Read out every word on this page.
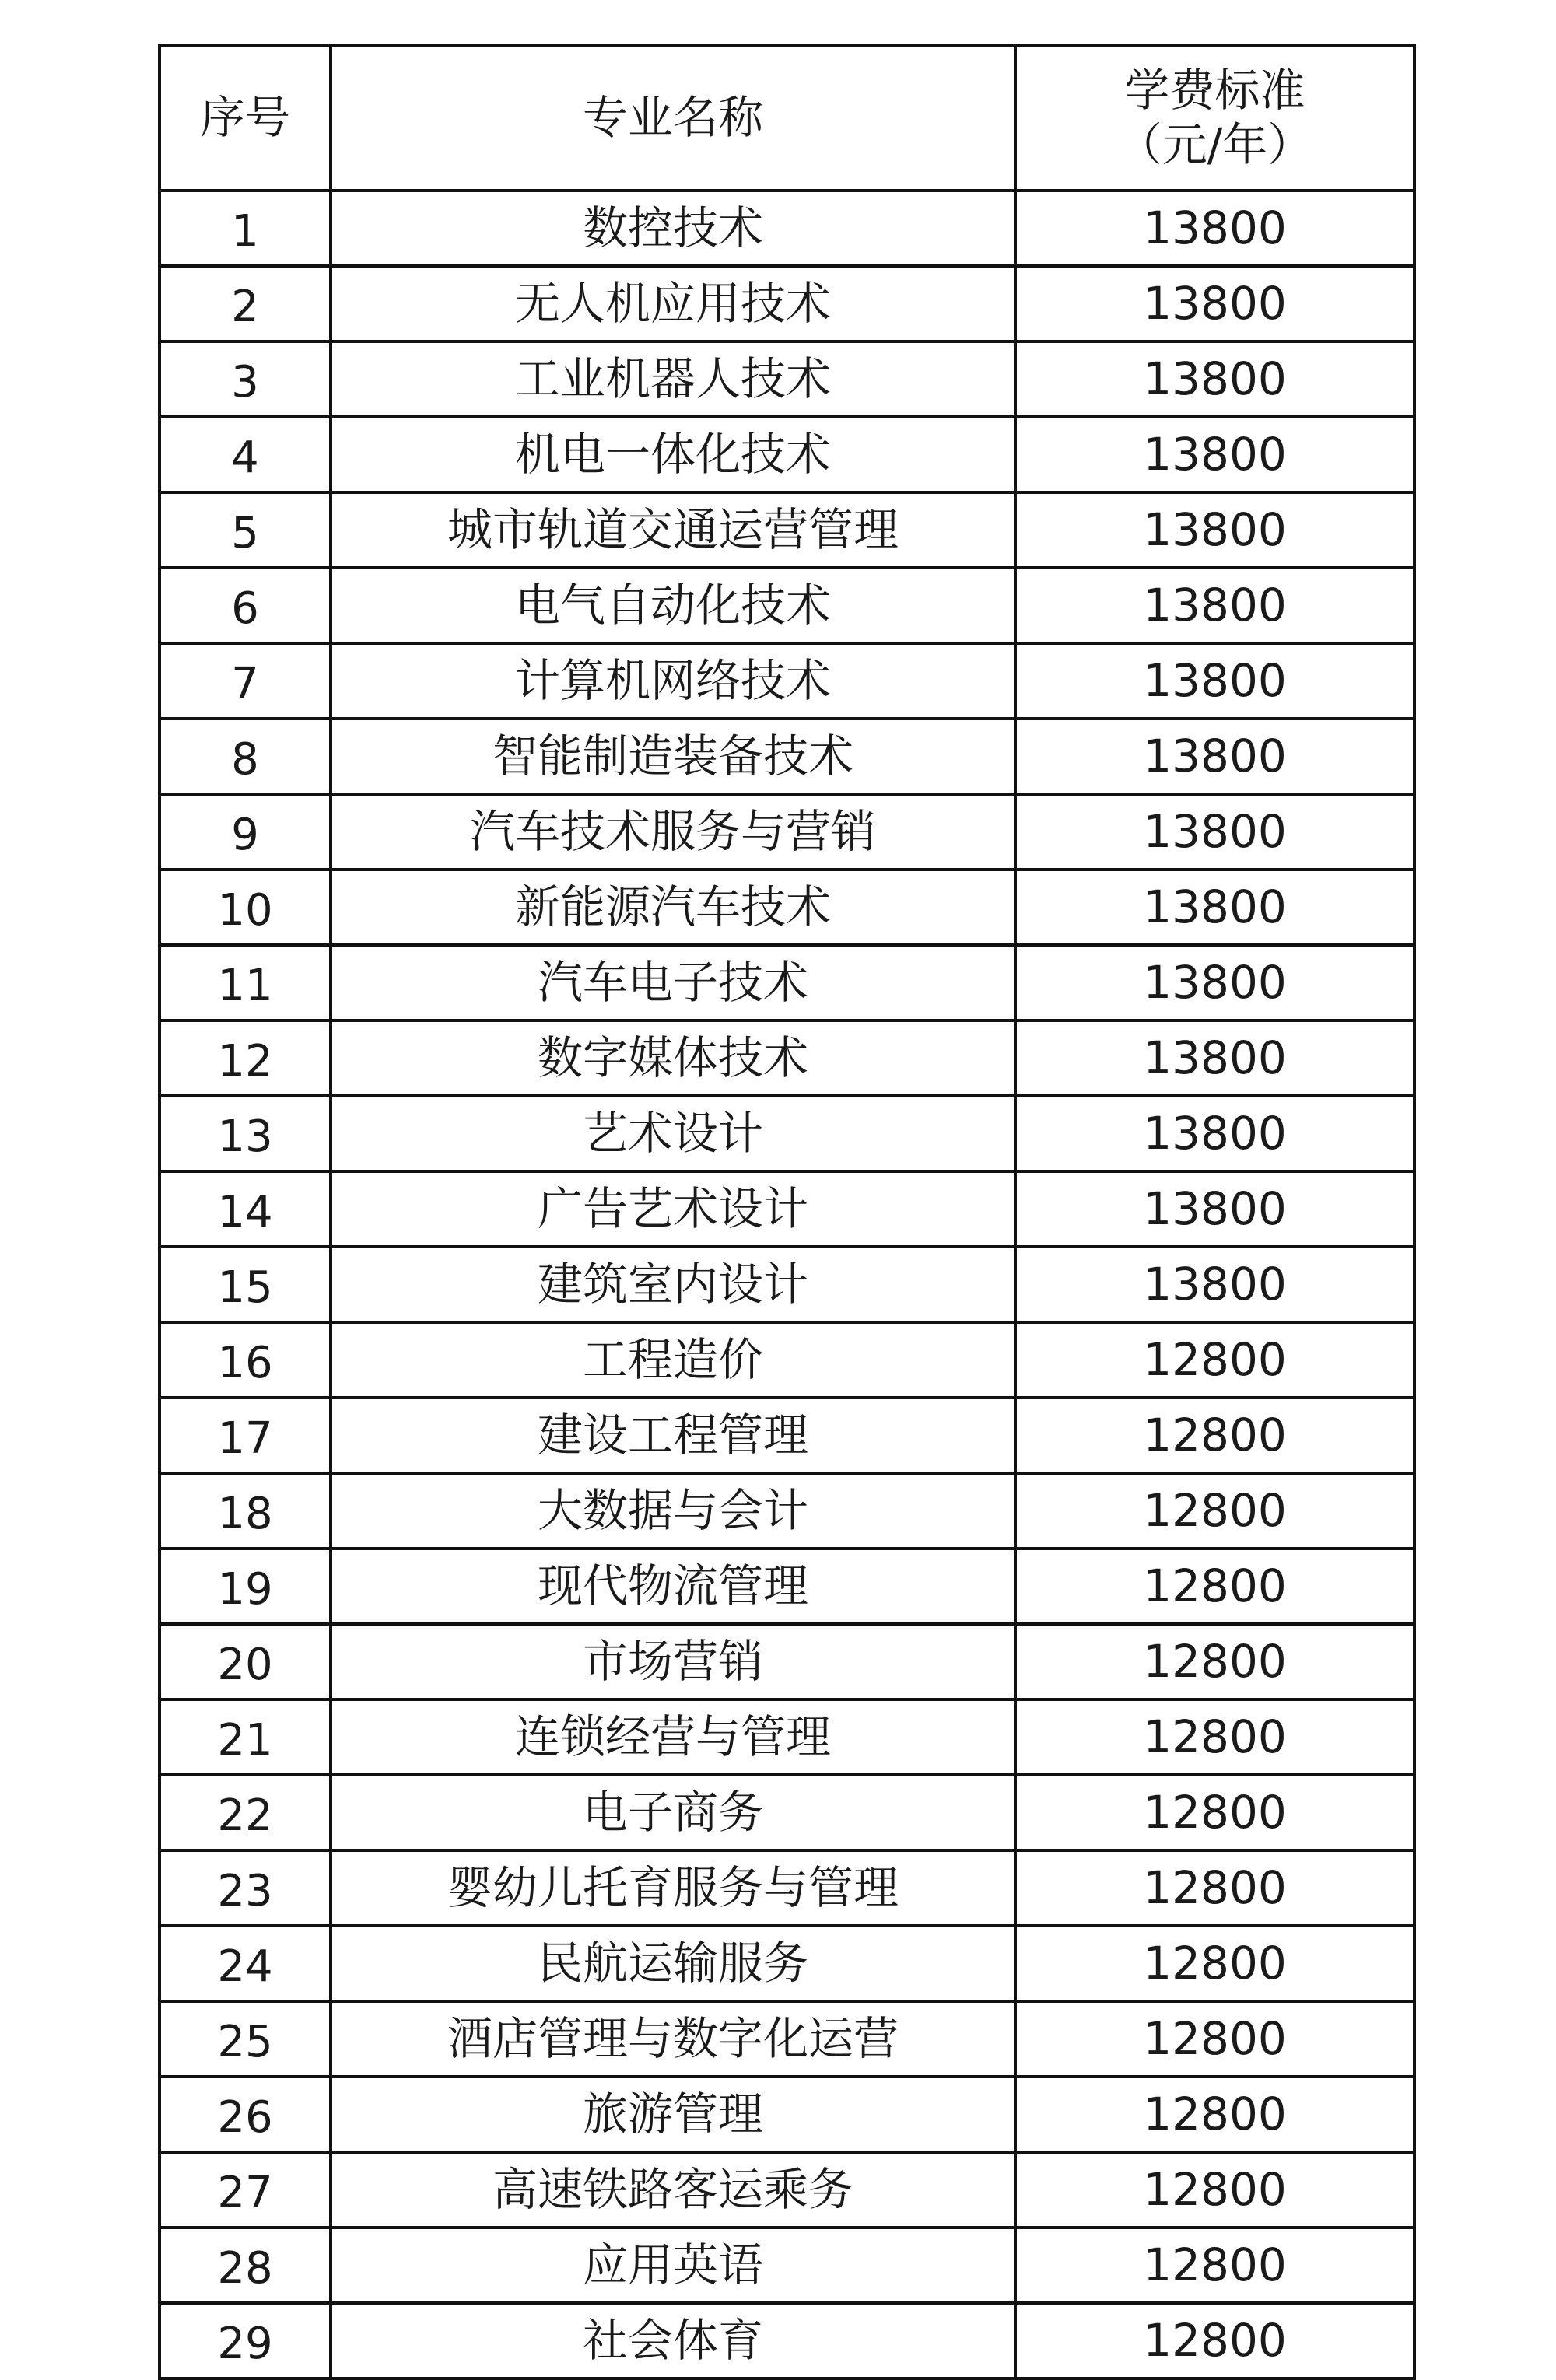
序号	专业名称	学费标准
（元/年）

1	数控技术	13800
2	无人机应用技术	13800
3	工业机器人技术	13800
4	机电一体化技术	13800
5	城市轨道交通运营管理	13800
6	电气自动化技术	13800
7	计算机网络技术	13800
8	智能制造装备技术	13800
9	汽车技术服务与营销	13800
10	新能源汽车技术	13800
11	汽车电子技术	13800
12	数字媒体技术	13800
13	艺术设计	13800
14	广告艺术设计	13800
15	建筑室内设计	13800
16	工程造价	12800
17	建设工程管理	12800
18	大数据与会计	12800
19	现代物流管理	12800
20	市场营销	12800
21	连锁经营与管理	12800
22	电子商务	12800
23	婴幼儿托育服务与管理	12800
24	民航运输服务	12800
25	酒店管理与数字化运营	12800
26	旅游管理	12800
27	高速铁路客运乘务	12800
28	应用英语	12800
29	社会体育	12800
